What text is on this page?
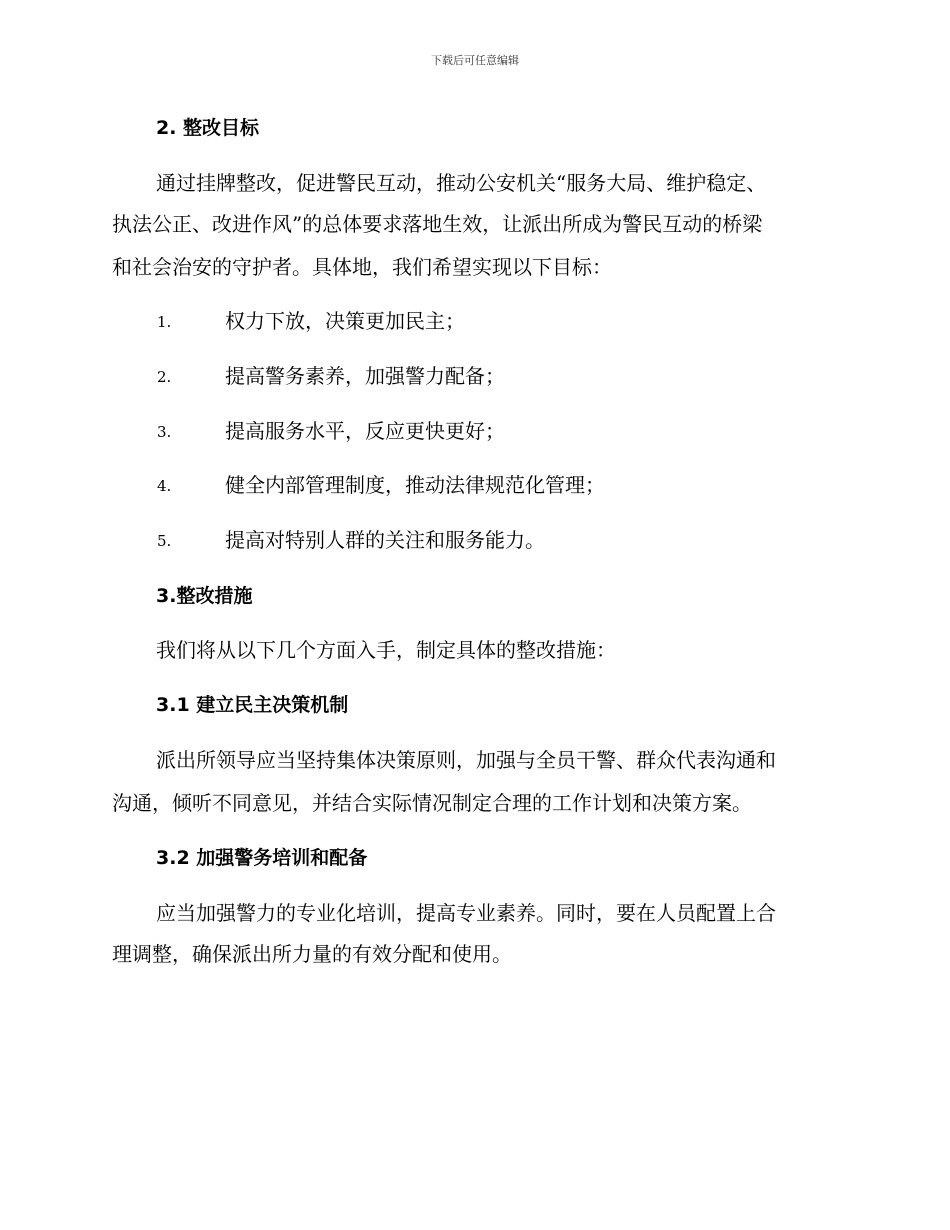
下载后可任意编辑
2. 整改目标
通过挂牌整改，促进警民互动，推动公安机关“服务大局、维护稳定、
执法公正、改进作风”的总体要求落地生效，让派出所成为警民互动的桥梁
和社会治安的守护者。具体地，我们希望实现以下目标：
1.	权力下放，决策更加民主；
2.	提高警务素养，加强警力配备；
3.	提高服务水平，反应更快更好；
4.	健全内部管理制度，推动法律规范化管理；
5.	提高对特别人群的关注和服务能力。
3.整改措施
我们将从以下几个方面入手，制定具体的整改措施：
3.1 建立民主决策机制
派出所领导应当坚持集体决策原则，加强与全员干警、群众代表沟通和
沟通，倾听不同意见，并结合实际情况制定合理的工作计划和决策方案。
3.2 加强警务培训和配备
应当加强警力的专业化培训，提高专业素养。同时，要在人员配置上合
理调整，确保派出所力量的有效分配和使用。
